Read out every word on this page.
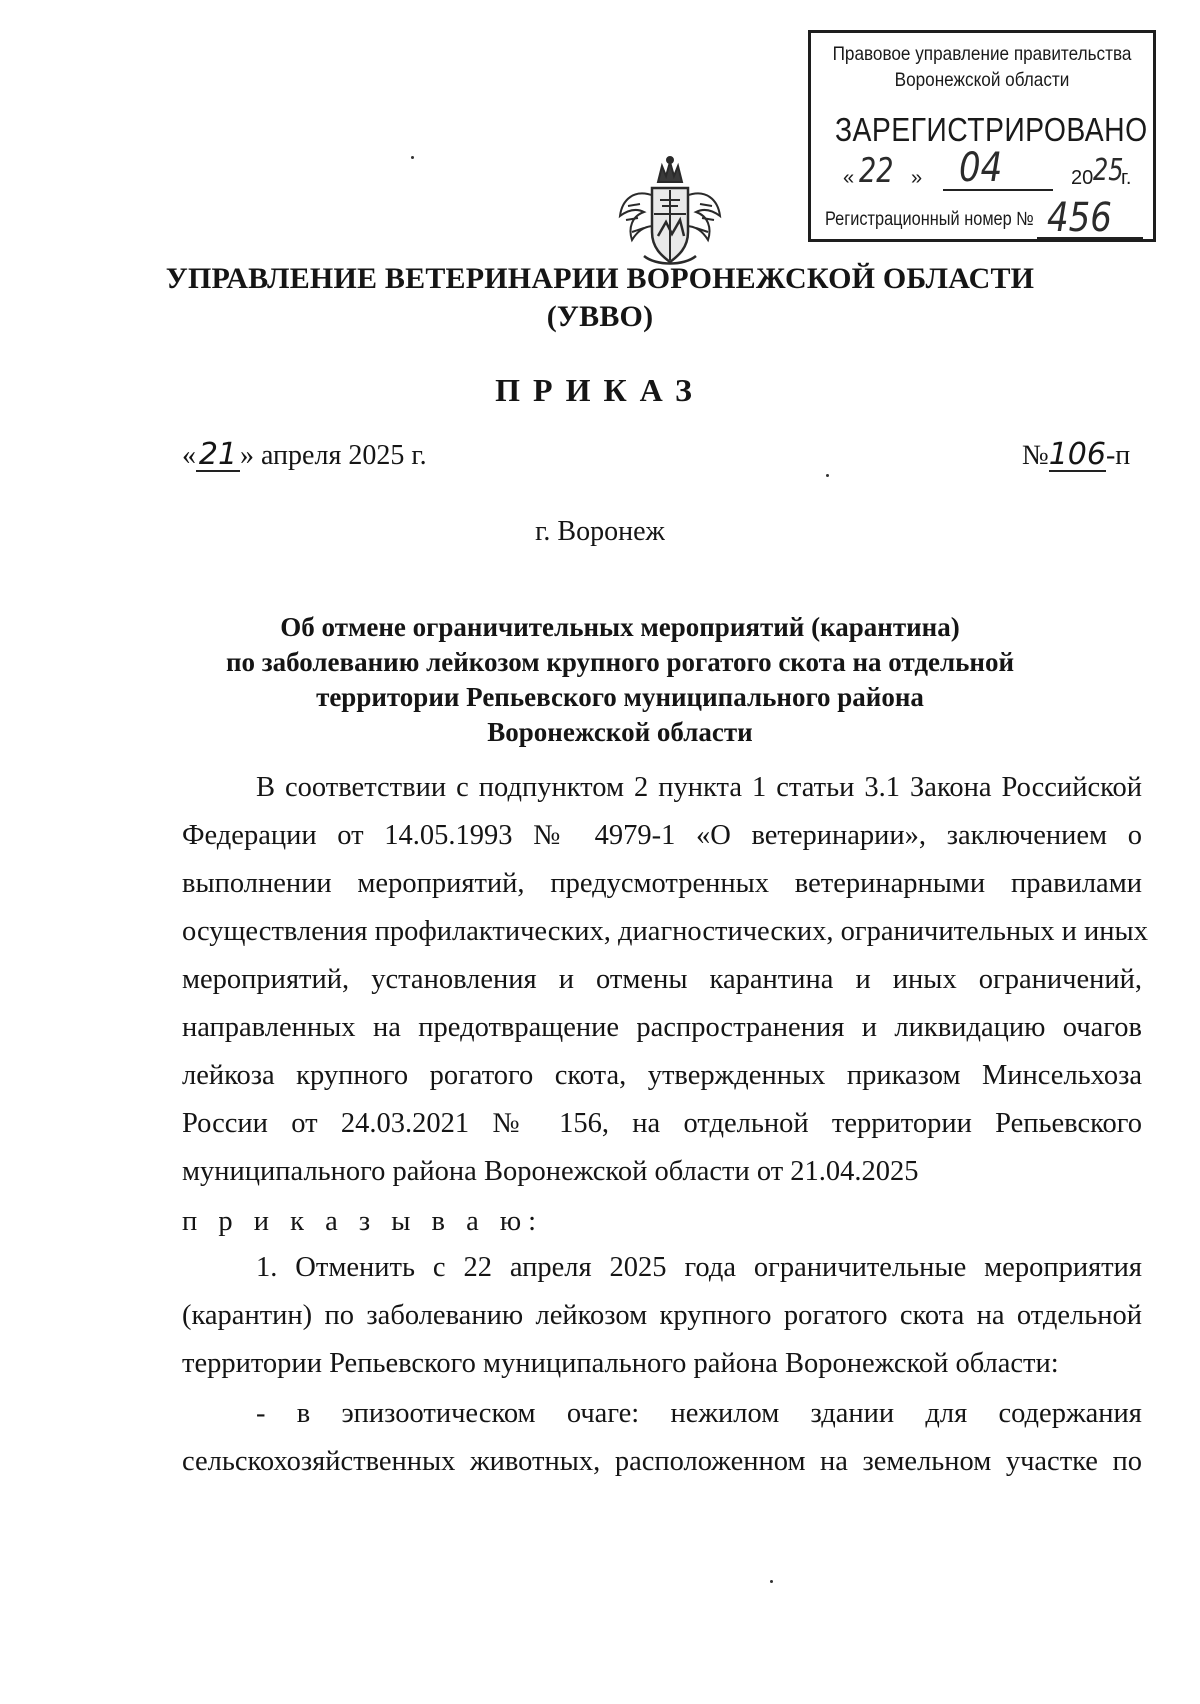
Правовое управление правительства
Воронежской области
ЗАРЕГИСТРИРОВАНО
« 22 » 04	20 25
г.
Регистрационный номер № 456
УПРАВЛЕНИЕ ВЕТЕРИНАРИИ ВОРОНЕЖСКОЙ ОБЛАСТИ
(УВВО)
ПРИКАЗ
«21 » апреля 2025 г.	№106-п
г. Воронеж
Об отмене ограничительных мероприятий (карантина)
по заболеванию лейкозом крупного рогатого скота на отдельной
территории Репьевского муниципального района
Воронежской области
В соответствии с подпунктом 2 пункта 1 статьи 3.1 Закона Российской
Федерации от 14.05.1993 № 4979-1 «О ветеринарии», заключением о
выполнении мероприятий, предусмотренных ветеринарными правилами
осуществления профилактических, диагностических, ограничительных и иных
мероприятий, установления и отмены карантина и иных ограничений,
направленных на предотвращение распространения и ликвидацию очагов
лейкоза крупного рогатого скота, утвержденных приказом Минсельхоза
России от 24.03.2021 № 156, на отдельной территории Репьевского
муниципального района Воронежской области от 21.04.2025
п р и к а з ы в а ю:
1. Отменить с 22 апреля 2025 года ограничительные мероприятия
(карантин) по заболеванию лейкозом крупного рогатого скота на отдельной
территории Репьевского муниципального района Воронежской области:
- в эпизоотическом очаге: нежилом здании для содержания
сельскохозяйственных животных, расположенном на земельном участке по
